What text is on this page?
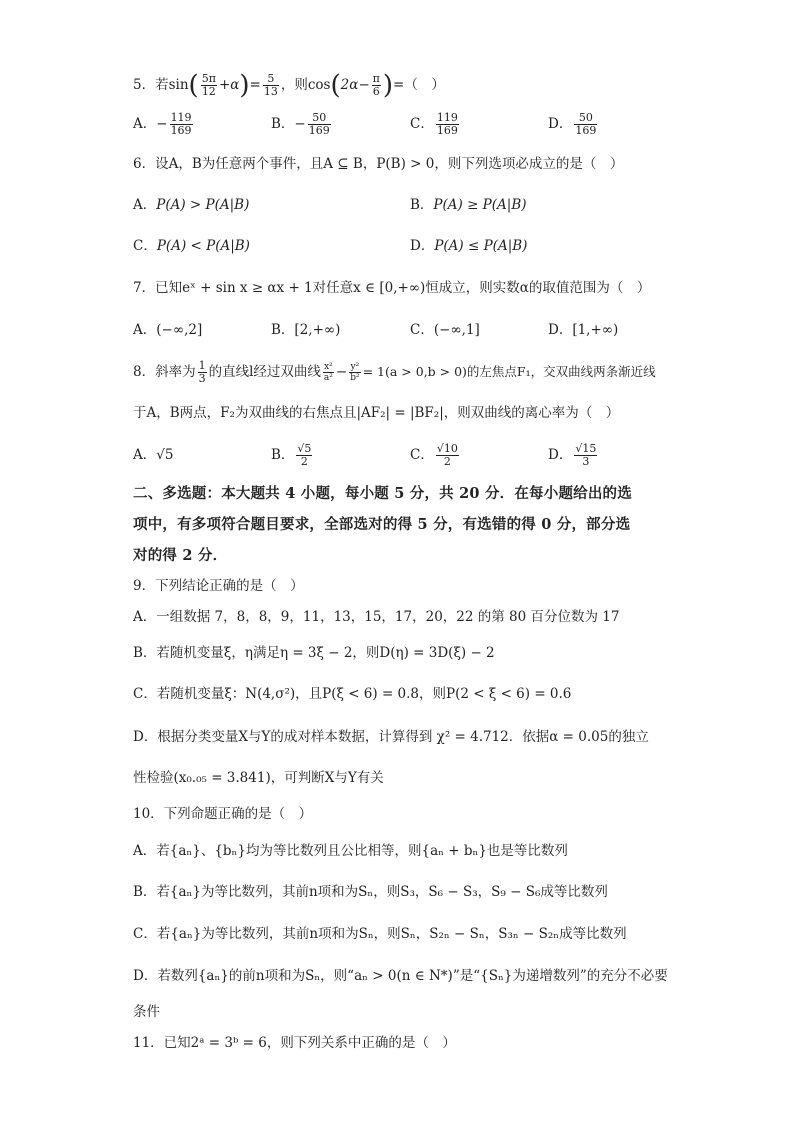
5．若$\sin( \frac{5\pi}{12} +\alpha)= \frac{5}{13}$ ，则$\cos(2\alpha- \frac{\pi}{6}$ )=（　）
A．− $\frac{119}{169}$	B．− $\frac{50}{169}$	C． $\frac{119}{169}$	D． $\frac{50}{169}$
6．设A，B为任意两个事件，且A ⊆ B，P(B) > 0，则下列选项必成立的是（　）
A．P(A) > P(A|B)	B．P(A) ≥ P(A|B)
C．P(A) < P(A|B)	D．P(A) ≤ P(A|B)
7．已知eˣ + sin x ≥ αx + 1对任意x ∈ [0,+∞)恒成立，则实数α的取值范围为（　）
A．(−∞,2]	B．[2,+∞)	C．(−∞,1]	D．[1,+∞)
8．斜率为 $\frac{1}{3}$ 的直线l经过双曲线 $\frac{\text{x²}}{\text{a²}} - \frac{\text{y²}}{\text{b²}} = 1(a > 0,b > 0)$的左焦点F₁，交双曲线两条渐近线
于A，B两点，F₂为双曲线的右焦点且|AF₂| = |BF₂|，则双曲线的离心率为（　）
A．√5	B． $\frac{√5}{2}$	C． $\frac{√10}{2}$	D． $\frac{√15}{3}$
二、多选题：本大题共 4 小题，每小题 5 分，共 20 分．在每小题给出的选
项中，有多项符合题目要求，全部选对的得 5 分，有选错的得 0 分，部分选
对的得 2 分．
9．下列结论正确的是（　）
A．一组数据 7，8，8，9，11，13，15，17，20，22 的第 80 百分位数为 17
B．若随机变量ξ，η满足η = 3ξ − 2，则D(η) = 3D(ξ) − 2
C．若随机变量ξ：N(4,σ²)，且P(ξ < 6) = 0.8，则P(2 < ξ < 6) = 0.6
D．根据分类变量X与Y的成对样本数据，计算得到 χ² = 4.712．依据α = 0.05的独立
性检验(x₀.₀₅ = 3.841)，可判断X与Y有关
10．下列命题正确的是（　）
A．若{aₙ}、{bₙ}均为等比数列且公比相等，则{aₙ + bₙ}也是等比数列
B．若{aₙ}为等比数列，其前n项和为Sₙ，则S₃，S₆ − S₃，S₉ − S₆成等比数列
C．若{aₙ}为等比数列，其前n项和为Sₙ，则Sₙ，S₂ₙ − Sₙ，S₃ₙ − S₂ₙ成等比数列
D．若数列{aₙ}的前n项和为Sₙ，则“aₙ > 0(n ∈ N*)”是“{Sₙ}为递增数列”的充分不必要
条件
11．已知2ᵃ = 3ᵇ = 6，则下列关系中正确的是（　）
